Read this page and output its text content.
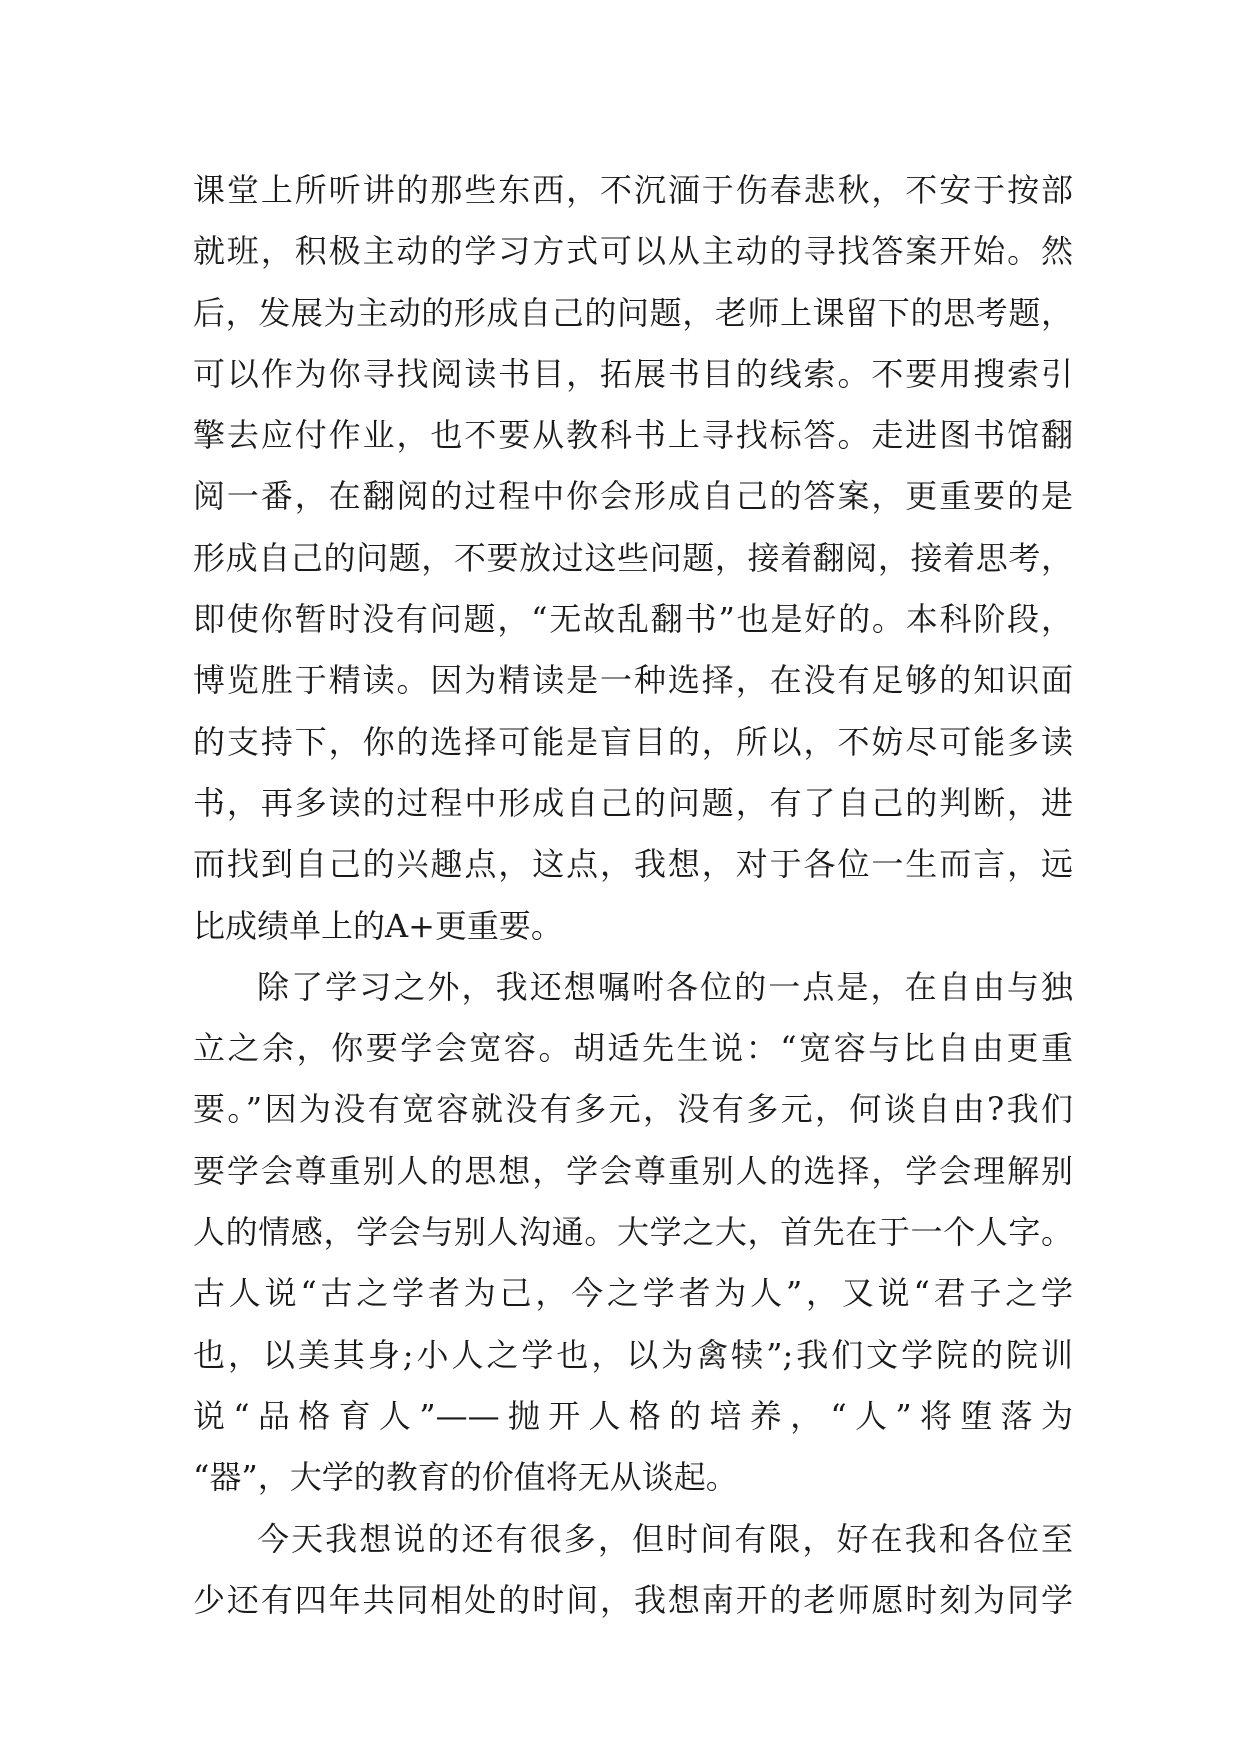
课堂上所听讲的那些东西，不沉湎于伤春悲秋，不安于按部
就班，积极主动的学习方式可以从主动的寻找答案开始。然
后，发展为主动的形成自己的问题，老师上课留下的思考题，
可以作为你寻找阅读书目，拓展书目的线索。不要用搜索引
擎去应付作业，也不要从教科书上寻找标答。走进图书馆翻
阅一番，在翻阅的过程中你会形成自己的答案，更重要的是
形成自己的问题，不要放过这些问题，接着翻阅，接着思考，
即使你暂时没有问题，“无故乱翻书”也是好的。本科阶段，
博览胜于精读。因为精读是一种选择，在没有足够的知识面
的支持下，你的选择可能是盲目的，所以，不妨尽可能多读
书，再多读的过程中形成自己的问题，有了自己的判断，进
而找到自己的兴趣点，这点，我想，对于各位一生而言，远
比成绩单上的A+更重要。
除了学习之外，我还想嘱咐各位的一点是，在自由与独
立之余，你要学会宽容。胡适先生说：“宽容与比自由更重
要。”因为没有宽容就没有多元，没有多元，何谈自由?我们
要学会尊重别人的思想，学会尊重别人的选择，学会理解别
人的情感，学会与别人沟通。大学之大，首先在于一个人字。
古人说“古之学者为己，今之学者为人”，又说“君子之学
也，以美其身;小人之学也，以为禽犊”;我们文学院的院训
说“品格育人”——抛开人格的培养，“人”将堕落为
“器”，大学的教育的价值将无从谈起。
今天我想说的还有很多，但时间有限，好在我和各位至
少还有四年共同相处的时间，我想南开的老师愿时刻为同学
